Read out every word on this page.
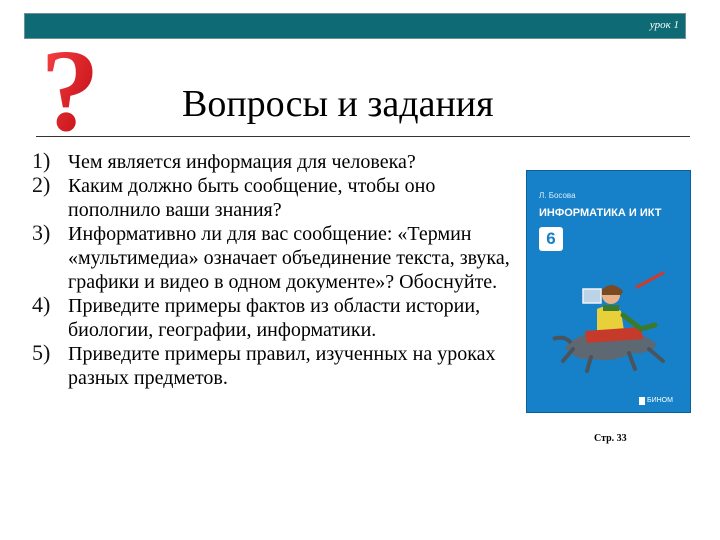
урок 1
? Вопросы и задания
1) Чем является информация для человека?
2) Каким должно быть сообщение, чтобы оно пополнило ваши знания?
3) Информативно ли для вас сообщение: «Термин «мультимедиа» означает объединение текста, звука, графики и видео в одном документе»? Обоснуйте.
4) Приведите примеры фактов из области истории, биологии, географии, информатики.
5) Приведите примеры правил, изученных на уроках разных предметов.
Л. Босова
ИНФОРМАТИКА И ИКТ
6
БИНОМ
Стр. 33
